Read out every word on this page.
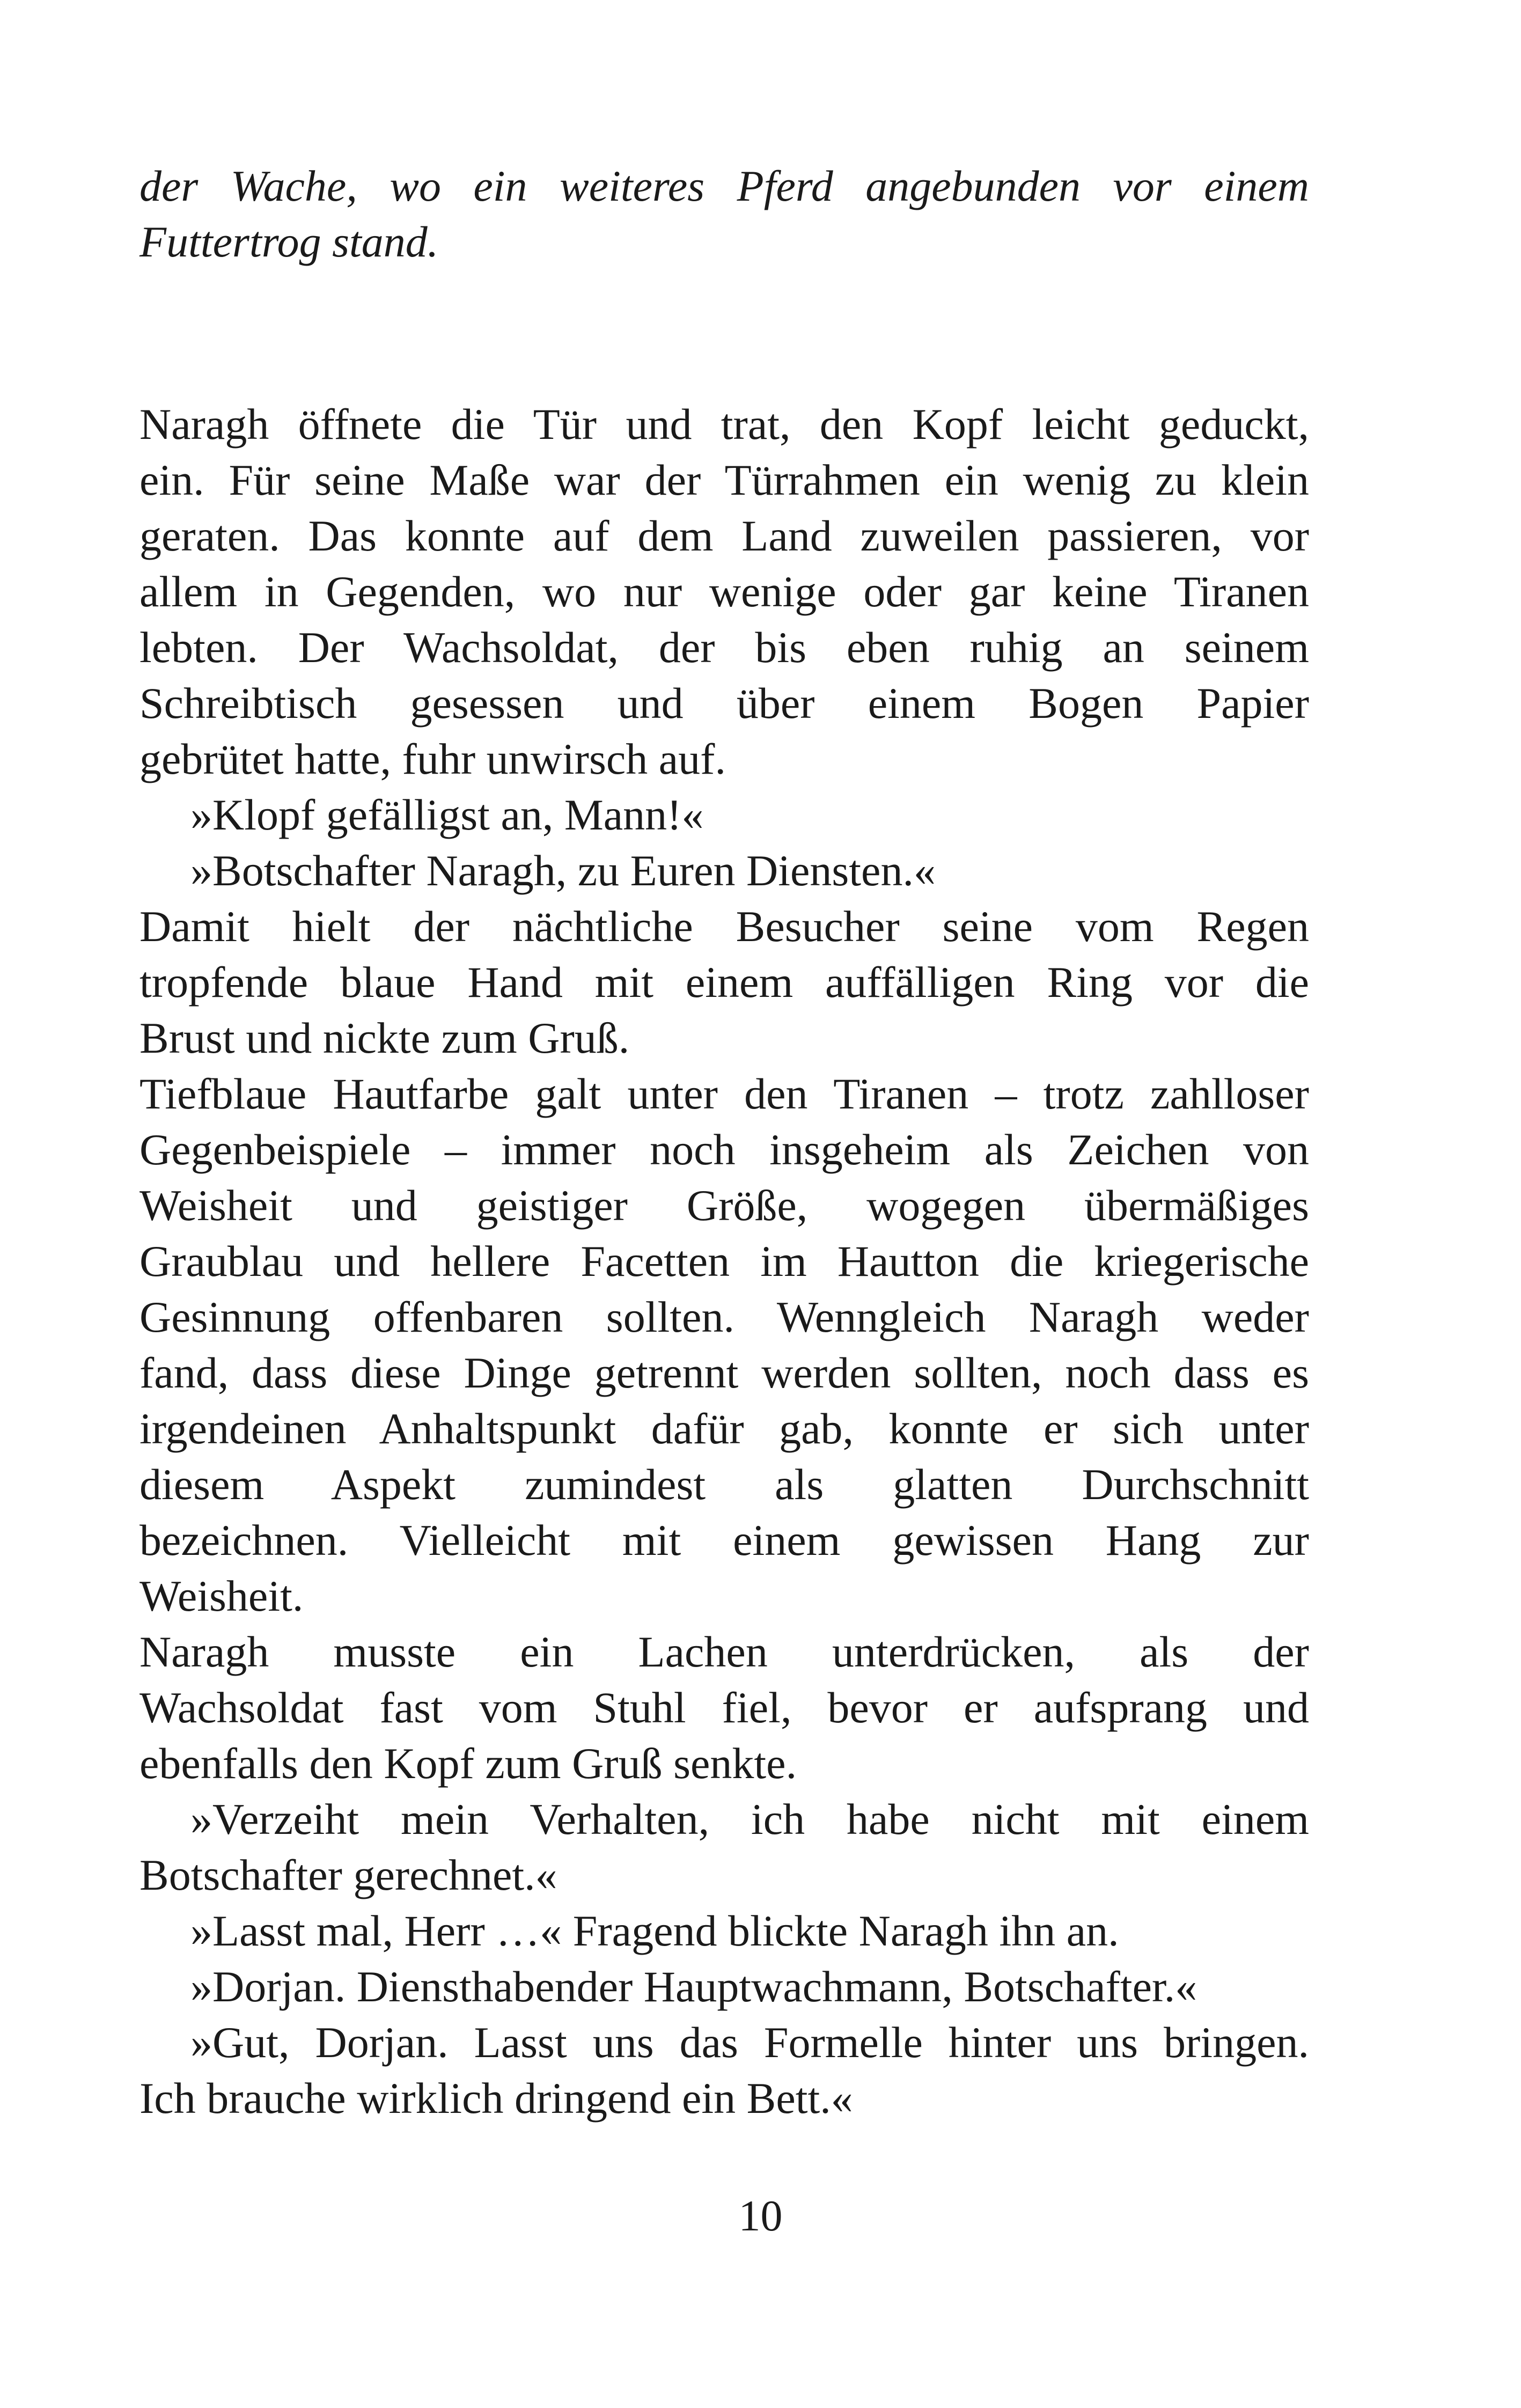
der Wache, wo ein weiteres Pferd angebunden vor einem
Futtertrog stand.
Naragh öffnete die Tür und trat, den Kopf leicht geduckt,
ein. Für seine Maße war der Türrahmen ein wenig zu klein
geraten. Das konnte auf dem Land zuweilen passieren, vor
allem in Gegenden, wo nur wenige oder gar keine Tiranen
lebten. Der Wachsoldat, der bis eben ruhig an seinem
Schreibtisch gesessen und über einem Bogen Papier
gebrütet hatte, fuhr unwirsch auf.
»Klopf gefälligst an, Mann!«
»Botschafter Naragh, zu Euren Diensten.«
Damit hielt der nächtliche Besucher seine vom Regen
tropfende blaue Hand mit einem auffälligen Ring vor die
Brust und nickte zum Gruß.
Tiefblaue Hautfarbe galt unter den Tiranen – trotz zahlloser
Gegenbeispiele – immer noch insgeheim als Zeichen von
Weisheit und geistiger Größe, wogegen übermäßiges
Graublau und hellere Facetten im Hautton die kriegerische
Gesinnung offenbaren sollten. Wenngleich Naragh weder
fand, dass diese Dinge getrennt werden sollten, noch dass es
irgendeinen Anhaltspunkt dafür gab, konnte er sich unter
diesem Aspekt zumindest als glatten Durchschnitt
bezeichnen. Vielleicht mit einem gewissen Hang zur
Weisheit.
Naragh musste ein Lachen unterdrücken, als der
Wachsoldat fast vom Stuhl fiel, bevor er aufsprang und
ebenfalls den Kopf zum Gruß senkte.
»Verzeiht mein Verhalten, ich habe nicht mit einem
Botschafter gerechnet.«
»Lasst mal, Herr …« Fragend blickte Naragh ihn an.
»Dorjan. Diensthabender Hauptwachmann, Botschafter.«
»Gut, Dorjan. Lasst uns das Formelle hinter uns bringen.
Ich brauche wirklich dringend ein Bett.«
10
